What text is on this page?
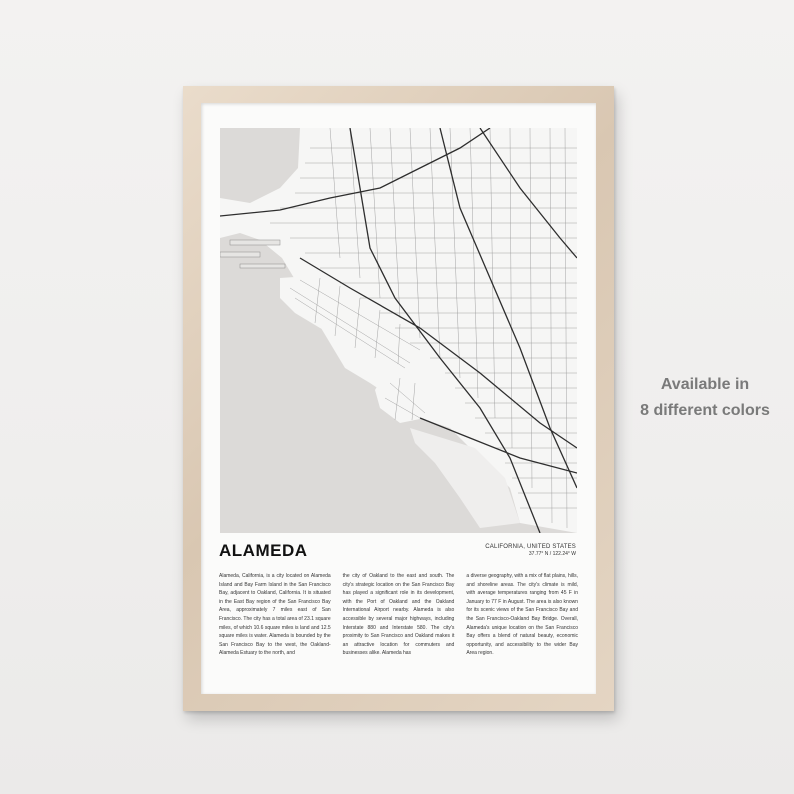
ALAMEDA	CALIFORNIA, UNITED STATES
37.77° N / 122.24° W

Alameda, California, is a city located on Alameda Island and Bay Farm Island in the San Francisco Bay, adjacent to Oakland, California. It is situated in the East Bay region of the San Francisco Bay Area, approximately 7 miles east of San Francisco. The city has a total area of 23.1 square miles, of which 10.6 square miles is land and 12.5 square miles is water. Alameda is bounded by the San Francisco Bay to the west, the Oakland-Alameda Estuary to the north, and

the city of Oakland to the east and south. The city's strategic location on the San Francisco Bay has played a significant role in its development, with the Port of Oakland and the Oakland International Airport nearby. Alameda is also accessible by several major highways, including Interstate 880 and Interstate 580. The city's proximity to San Francisco and Oakland makes it an attractive location for commuters and businesses alike. Alameda has

a diverse geography, with a mix of flat plains, hills, and shoreline areas. The city's climate is mild, with average temperatures ranging from 45 F in January to 77 F in August. The area is also known for its scenic views of the San Francisco Bay and the San Francisco-Oakland Bay Bridge. Overall, Alameda's unique location on the San Francisco Bay offers a blend of natural beauty, economic opportunity, and accessibility to the wider Bay Area region.

Available in
8 different colors
